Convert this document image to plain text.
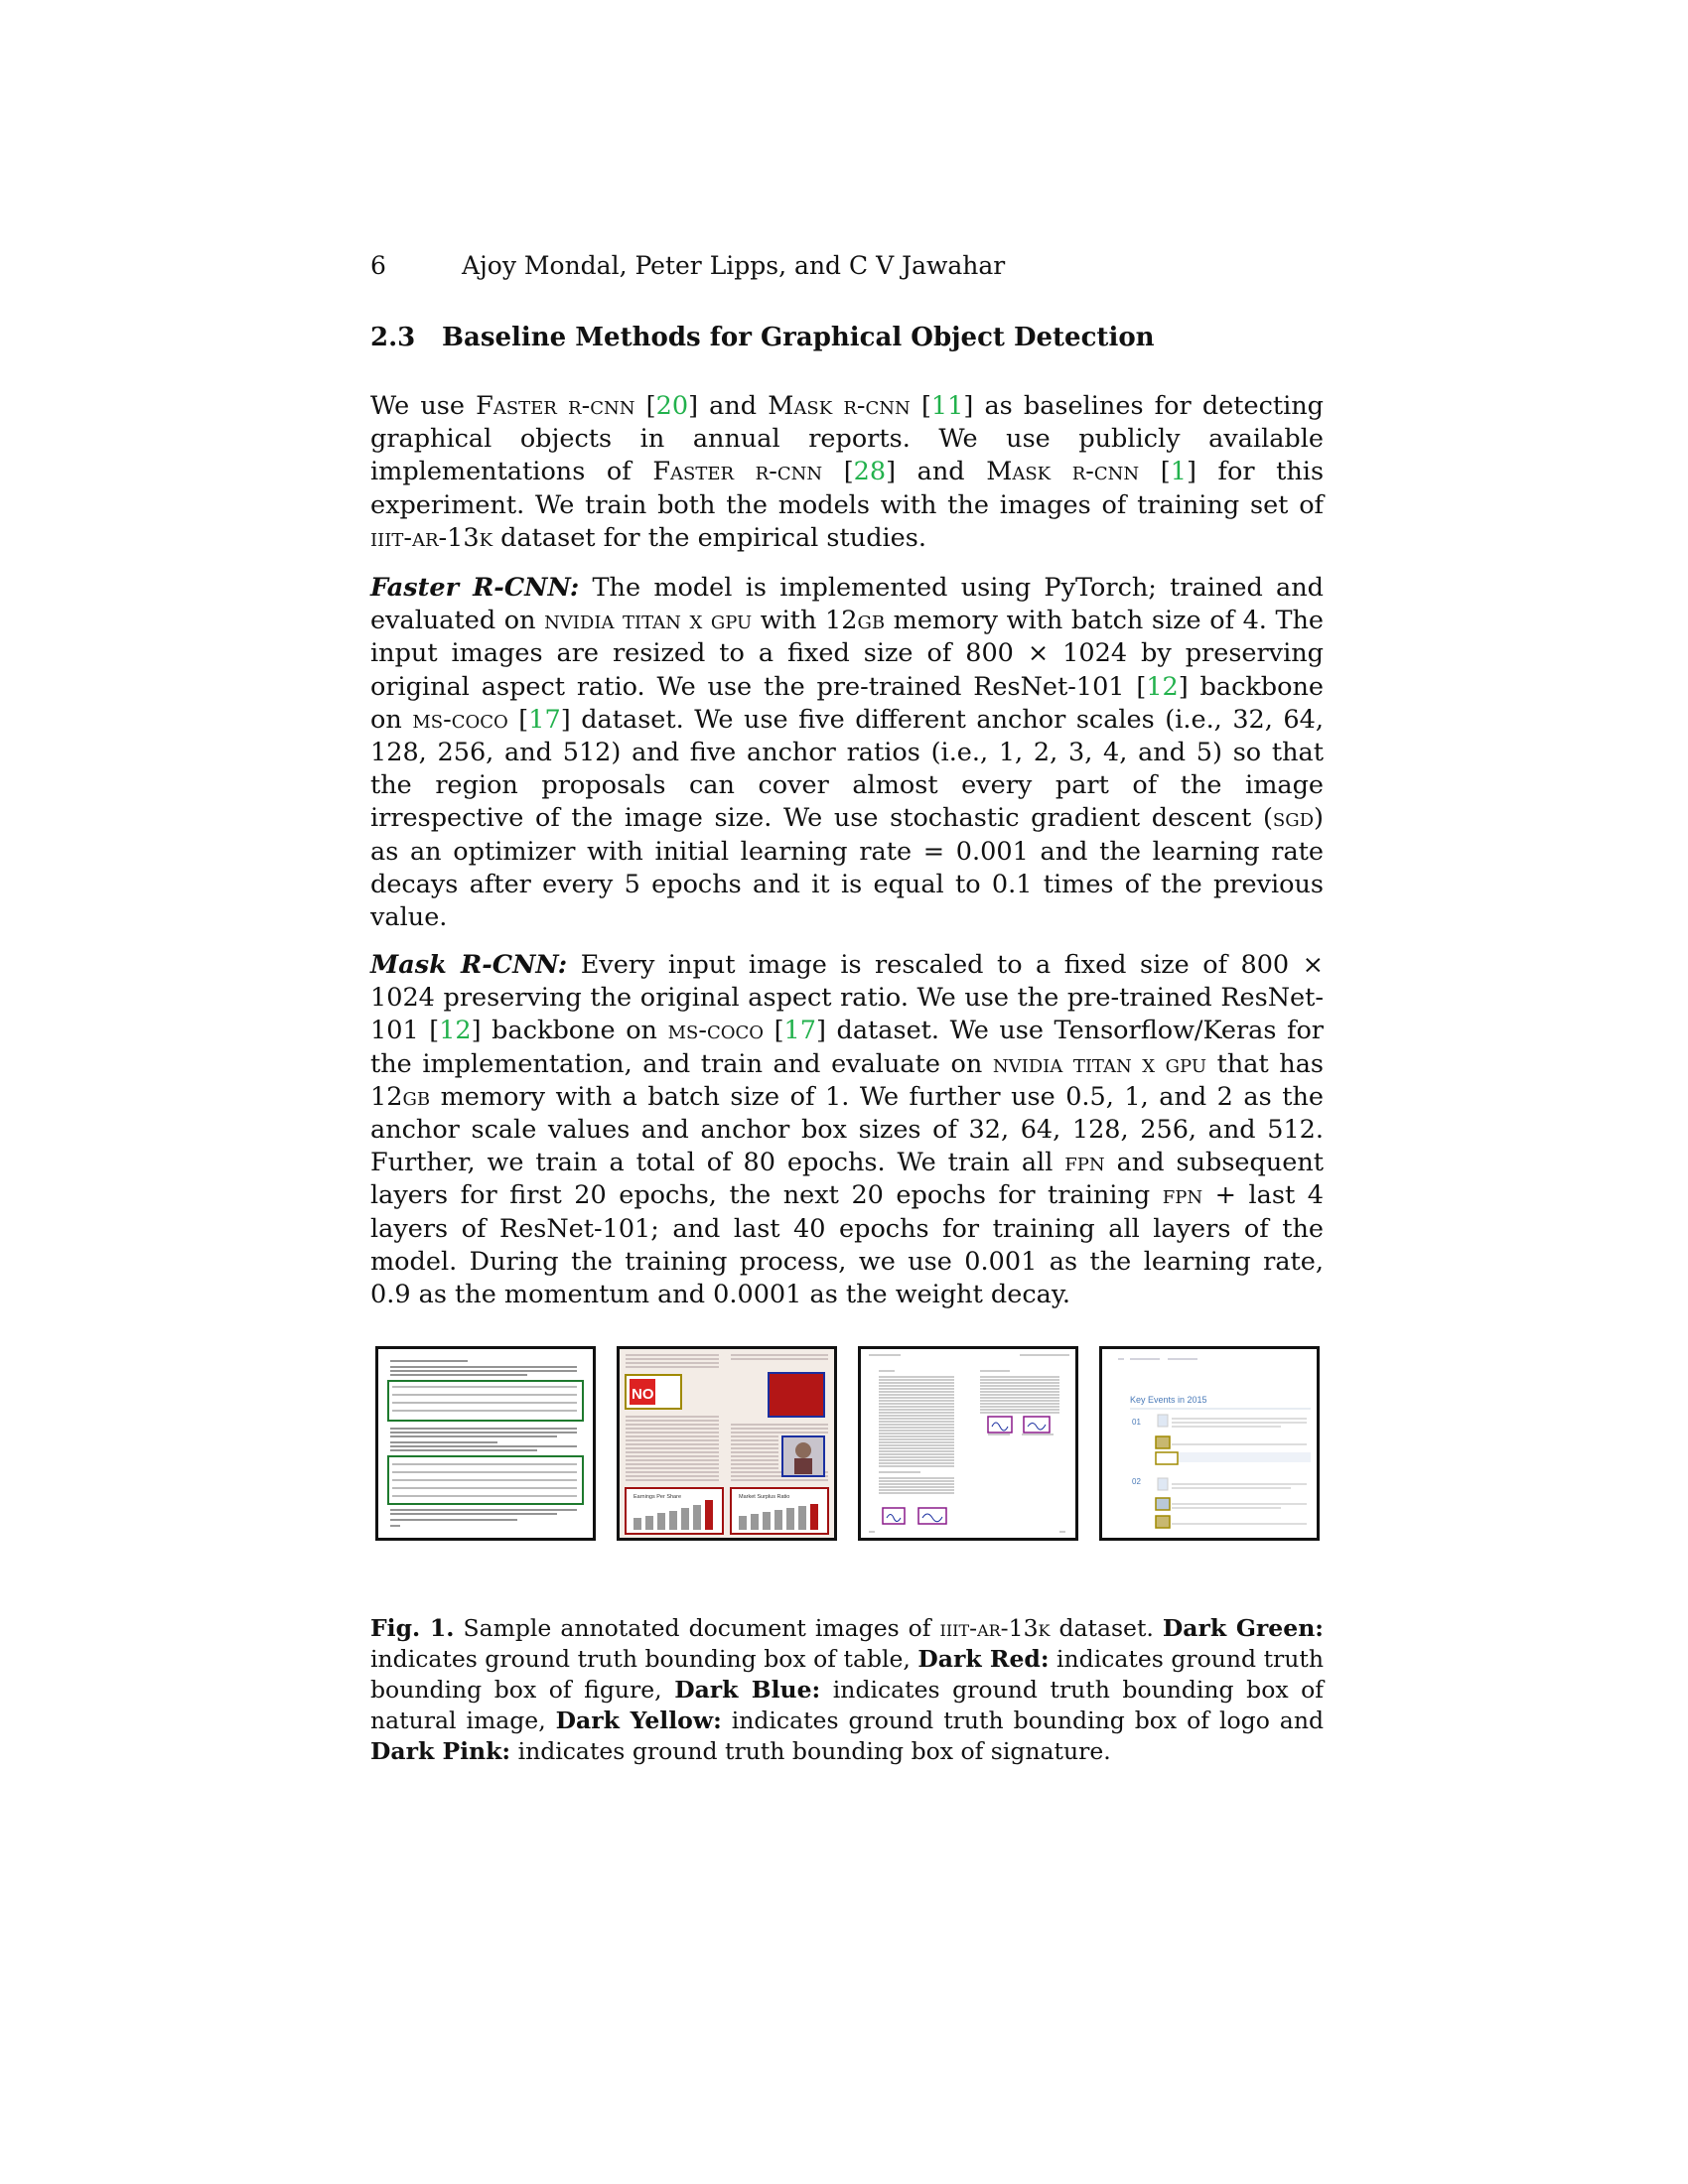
6	Ajoy Mondal, Peter Lipps, and C V Jawahar
2.3 Baseline Methods for Graphical Object Detection

We use Faster r-cnn [20] and Mask r-cnn [11] as baselines for detecting graphical objects in annual reports. We use publicly available implementations of Faster r-cnn [28] and Mask r-cnn [1] for this experiment. We train both the models with the images of training set of iiit-ar-13k dataset for the empirical studies.

Faster R-CNN: The model is implemented using PyTorch; trained and evaluated on nvidia titan x gpu with 12gb memory with batch size of 4. The input images are resized to a fixed size of 800 × 1024 by preserving original aspect ratio. We use the pre-trained ResNet-101 [12] backbone on ms-coco [17] dataset. We use five different anchor scales (i.e., 32, 64, 128, 256, and 512) and five anchor ratios (i.e., 1, 2, 3, 4, and 5) so that the region proposals can cover almost every part of the image irrespective of the image size. We use stochastic gradient descent (sgd) as an optimizer with initial learning rate = 0.001 and the learning rate decays after every 5 epochs and it is equal to 0.1 times of the previous value.

Mask R-CNN: Every input image is rescaled to a fixed size of 800 × 1024 preserving the original aspect ratio. We use the pre-trained ResNet-101 [12] backbone on ms-coco [17] dataset. We use Tensorflow/Keras for the implementation, and train and evaluate on nvidia titan x gpu that has 12gb memory with a batch size of 1. We further use 0.5, 1, and 2 as the anchor scale values and anchor box sizes of 32, 64, 128, 256, and 512. Further, we train a total of 80 epochs. We train all fpn and subsequent layers for first 20 epochs, the next 20 epochs for training fpn + last 4 layers of ResNet-101; and last 40 epochs for training all layers of the model. During the training process, we use 0.001 as the learning rate, 0.9 as the momentum and 0.0001 as the weight decay.

NO
Earnings Per Share	Market Surplus Ratio
Key Events in 2015
01
02

Fig. 1. Sample annotated document images of iiit-ar-13k dataset. Dark Green: indicates ground truth bounding box of table, Dark Red: indicates ground truth bounding box of figure, Dark Blue: indicates ground truth bounding box of natural image, Dark Yellow: indicates ground truth bounding box of logo and Dark Pink: indicates ground truth bounding box of signature.
